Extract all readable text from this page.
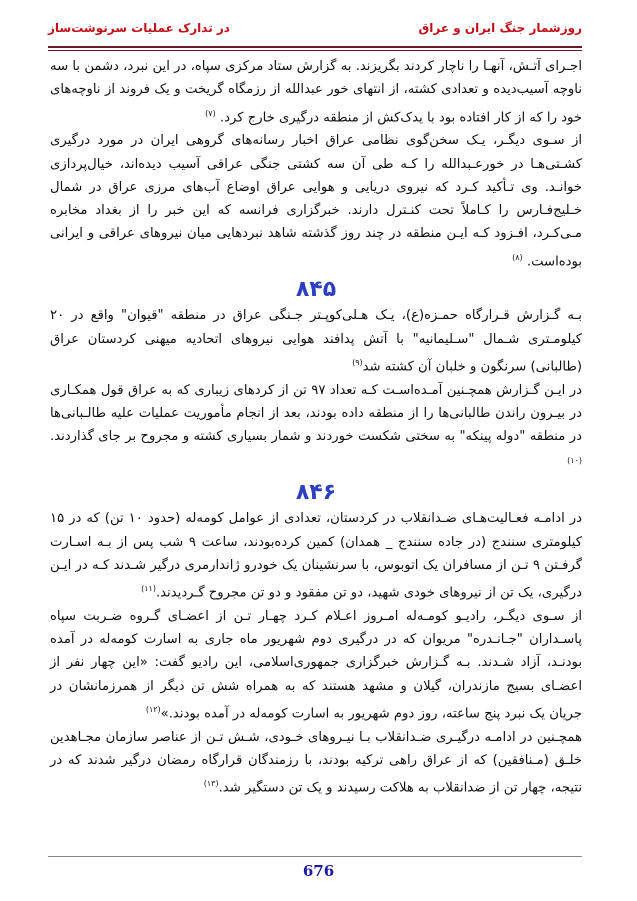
روزشمار جنگ ایران و عراق
در تدارک عملیات سرنوشت‌ساز

اجـرای آتـش، آنهـا را ناچار کردند بگریزند. به گزارش ستاد مرکزی سپاه، در این نبرد، دشمن با سه ناوچه آسیب‌دیده و تعدادی کشته، از انتهای خور عبدالله از رزمگاه گریخت و یک فروند از ناوچه‌های خود را که از کار افتاده بود با یدک‌کش از منطقه درگیری خارج کرد. $^{(۷)}$

از سـوی دیگـر، یـک سخن‌گوی نظامی عراق اخبار رسانه‌های گروهی ایران در مورد درگیری کشـتی‌هـا در خورعـبدالله را کـه طی آن سه کشتی جنگی عراقی آسیب دیده‌اند، خیال‌پردازی خوانـد. وی تـأکید کـرد که نیروی دریایی و هوایی عراق اوضاع آب‌های مرزی عراق در شمال خـلیج‌فـارس را کـاملاً تحت کنـترل دارند. خبرگزاری فرانسه که این خبر را از بغداد مخابره مـی‌کـرد، افـزود کـه ایـن منطقه در چند روز گذشته شاهد نبردهایی میان نیروهای عراقی و ایرانی بوده‌است. $^{(۸)}$

۸۴۵

بـه گـزارش قـرارگاه حمـزه(ع)، یـک هـلی‌کوپـتر جـنگی عراق در منطقه "قیوان" واقع در ۲۰ کیلومـتری شـمال "سـلیمانیه" با آتش پدافند هوایی نیروهای اتحادیه میهنی کردستان عراق (طالبانی) سرنگون و خلبان آن کشته شد$^{(۹)}$

در ایـن گـزارش همچـنین آمـده‌اسـت کـه تعداد ۹۷ تن از کردهای زیباری که به عراق قول همکـاری در بیـرون راندن طالبانی‌ها را از منطقه داده بودند، بعد از انجام مأموریت عملیات علیه طالـبانی‌ها در منطقه "دوله پینکه" به سختی شکست خوردند و شمار بسیاری کشته و مجروح بر جای گذاردند.$^{(۱۰)}$

۸۴۶

در ادامـه فعـالیت‌هـای ضـدانقلاب در کردستان، تعدادی از عوامل کومه‌له (حدود ۱۰ تن) که در ۱۵ کیلومتری سنندج (در جاده سنندج _ همدان) کمین کرده‌بودند، ساعت ۹ شب پس از بـه اسـارت گرفـتن ۹ تـن از مسافران یک اتوبوس، با سرنشینان یک خودرو ژاندارمری درگیر شـدند کـه در ایـن درگیری، یک تن از نیروهای خودی شهید، دو تن مفقود و دو تن مجروح گـردیدند.$^{(۱۱)}$

از سـوی دیگـر، رادیـو کومـه‌له امـروز اعـلام کـرد چهـار تـن از اعضـای گـروه ضـربت سپاه پاسـداران "جـانـدره" مریوان که در درگیری دوم شهریور ماه جاری به اسارت کومه‌له در آمده بودنـد، آزاد شـدند. بـه گـزارش خبرگزاری جمهوری‌اسلامی، این رادیو گفت: «این چهار نفر از اعضـای بسیج مازندران، گیلان و مشهد هستند که به همراه شش تن دیگر از همرزمانشان در جریان یک نبرد پنج ساعته، روز دوم شهریور به اسارت کومه‌له در آمده بودند.»$^{(۱۲)}$

همچـنین در ادامـه درگیـری ضـدانقلاب بـا نیـروهای خـودی، شـش تـن از عناصر سازمان مجـاهدین خلـق (مـنافقین) که از عراق راهی ترکیه بودند، با رزمندگان قرارگاه رمضان درگیر شدند که در نتیجه، چهار تن از ضدانقلاب به هلاکت رسیدند و یک تن دستگیر شد.$^{(۱۳)}$

676
